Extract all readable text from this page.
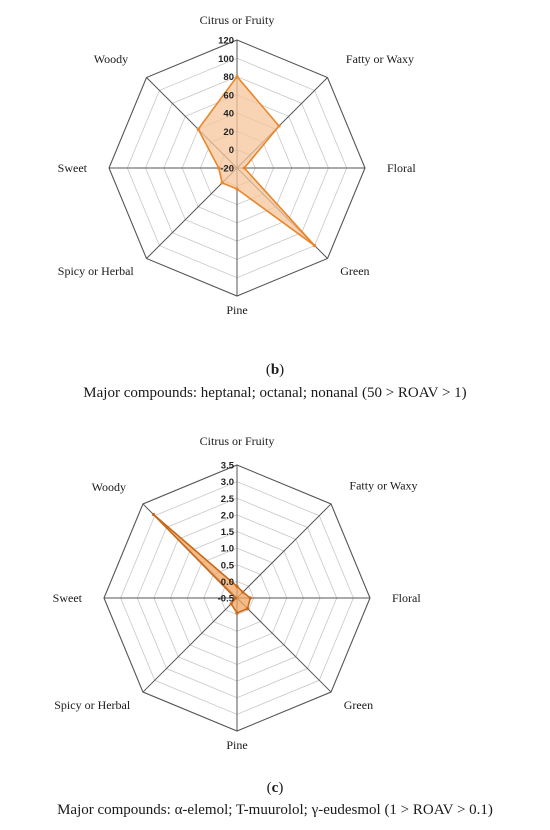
-20
0
20
40
60
80
100
120
Citrus or Fruity
Fatty or Waxy
Floral
Green
Pine
Spicy or Herbal
Sweet
Woody
(b)
Major compounds: heptanal; octanal; nonanal (50 > ROAV > 1)
-0.5
0.0
0.5
1.0
1.5
2.0
2.5
3.0
3.5
Citrus or Fruity
Fatty or Waxy
Floral
Green
Pine
Spicy or Herbal
Sweet
Woody
(c)
Major compounds: α-elemol; T-muurolol; γ-eudesmol (1 > ROAV > 0.1)
